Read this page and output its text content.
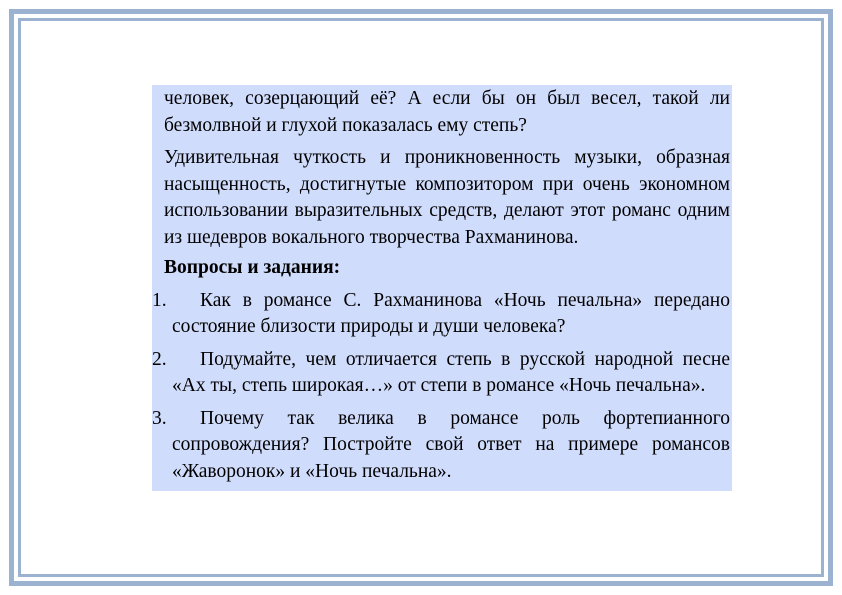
человек, созерцающий её? А если бы он был весел, такой ли безмолвной и глухой показалась ему степь?

Удивительная чуткость и проникновенность музыки, образная насыщенность, достигнутые композитором при очень экономном использовании выразительных средств, делают этот романс одним из шедевров вокального творчества Рахманинова.

Вопросы и задания:

1.	Как в романсе С. Рахманинова «Ночь печальна» передано состояние близости природы и души человека?
2.	Подумайте, чем отличается степь в русской народной песне «Ах ты, степь широкая…» от степи в романсе «Ночь печальна».
3.	Почему так велика в романсе роль фортепианного сопровождения? Постройте свой ответ на примере романсов «Жаворонок» и «Ночь печальна».
